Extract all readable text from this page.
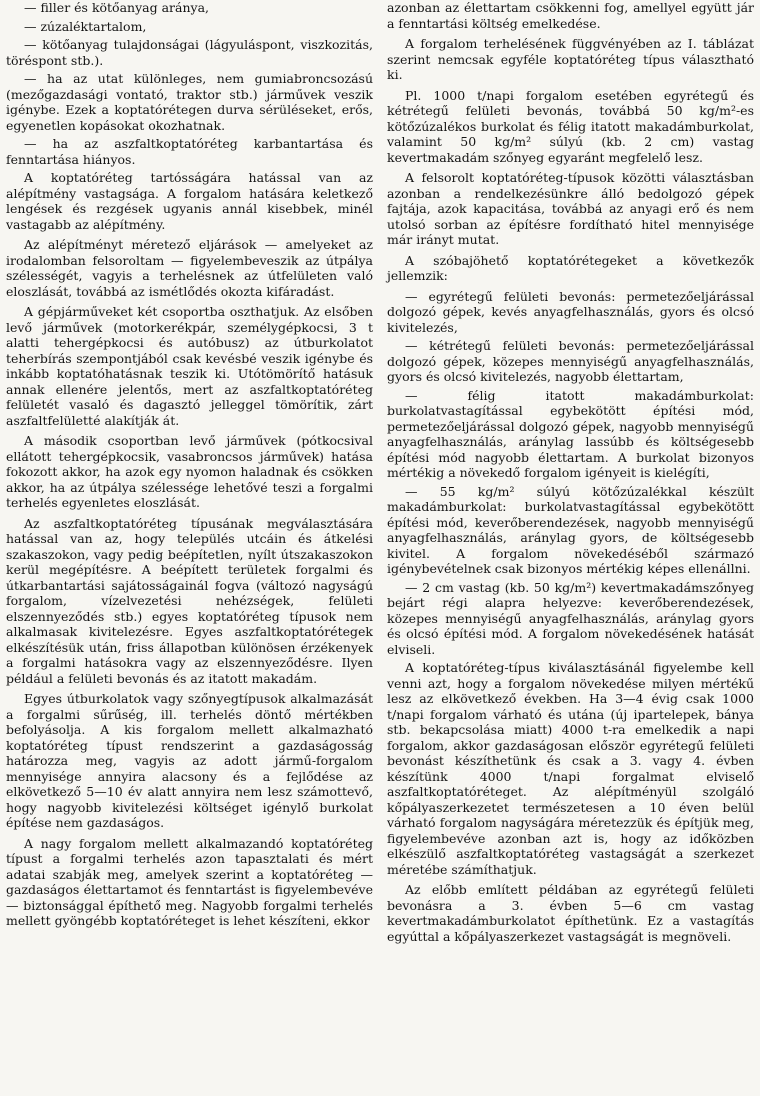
— filler és kötőanyag aránya,

— zúzaléktartalom,

— kötőanyag tulajdonságai (lágyuláspont, viszkozitás, töréspont stb.).

— ha az utat különleges, nem gumiabroncsozású (mezőgazdasági vontató, traktor stb.) járművek veszik igénybe. Ezek a koptatórétegen durva sérüléseket, erős, egyenetlen kopásokat okozhatnak.

— ha az aszfaltkoptatóréteg karbantartása és fenntartása hiányos.

A koptatóréteg tartósságára hatással van az alépítmény vastagsága. A forgalom hatására keletkező lengések és rezgések ugyanis annál kisebbek, minél vastagabb az alépítmény.

Az alépítményt méretező eljárások — amelyeket az irodalomban felsoroltam — figyelembeveszik az útpálya szélességét, vagyis a terhelésnek az útfelületen való eloszlását, továbbá az ismétlődés okozta kifáradást.

A gépjárműveket két csoportba oszthatjuk. Az elsőben levő járművek (motorkerékpár, személygépkocsi, 3 t alatti tehergépkocsi és autóbusz) az útburkolatot teherbírás szempontjából csak kevésbé veszik igénybe és inkább koptatóhatásnak teszik ki. Utótömörítő hatásuk annak ellenére jelentős, mert az aszfaltkoptatóréteg felületét vasaló és dagasztó jelleggel tömörítik, zárt aszfaltfelületté alakítják át.

A második csoportban levő járművek (pótkocsival ellátott tehergépkocsik, vasabroncsos járművek) hatása fokozott akkor, ha azok egy nyomon haladnak és csökken akkor, ha az útpálya szélessége lehetővé teszi a forgalmi terhelés egyenletes eloszlását.

Az aszfaltkoptatóréteg típusának megválasztására hatással van az, hogy település utcáin és átkelési szakaszokon, vagy pedig beépítetlen, nyílt útszakaszokon kerül megépítésre. A beépített területek forgalmi és útkarbantartási sajátosságainál fogva (változó nagyságú forgalom, vízelvezetési nehézségek, felületi elszennyeződés stb.) egyes koptatóréteg típusok nem alkalmasak kivitelezésre. Egyes aszfaltkoptatórétegek elkészítésük után, friss állapotban különösen érzékenyek a forgalmi hatásokra vagy az elszennyeződésre. Ilyen például a felületi bevonás és az itatott makadám.

Egyes útburkolatok vagy szőnyegtípusok alkalmazását a forgalmi sűrűség, ill. terhelés döntő mértékben befolyásolja. A kis forgalom mellett alkalmazható koptatóréteg típust rendszerint a gazdaságosság határozza meg, vagyis az adott jármű-forgalom mennyisége annyira alacsony és a fejlődése az elkövetkező 5—10 év alatt annyira nem lesz számottevő, hogy nagyobb kivitelezési költséget igénylő burkolat építése nem gazdaságos.

A nagy forgalom mellett alkalmazandó koptatóréteg típust a forgalmi terhelés azon tapasztalati és mért adatai szabják meg, amelyek szerint a koptatóréteg — gazdaságos élettartamot és fenntartást is figyelembevéve — biztonsággal építhető meg. Nagyobb forgalmi terhelés mellett gyöngébb koptatóréteget is lehet készíteni, ekkor

azonban az élettartam csökkenni fog, amellyel együtt jár a fenntartási költség emelkedése.

A forgalom terhelésének függvényében az I. táblázat szerint nemcsak egyféle koptatóréteg típus választható ki.

Pl. 1000 t/napi forgalom esetében egyrétegű és kétrétegű felületi bevonás, továbbá 50 kg/m²-es kötőzúzalékos burkolat és félig itatott makadámburkolat, valamint 50 kg/m² súlyú (kb. 2 cm) vastag kevertmakadám szőnyeg egyaránt megfelelő lesz.

A felsorolt koptatóréteg-típusok közötti választásban azonban a rendelkezésünkre álló bedolgozó gépek fajtája, azok kapacitása, továbbá az anyagi erő és nem utolsó sorban az építésre fordítható hitel mennyisége már irányt mutat.

A szóbajöhető koptatórétegeket a következők jellemzik:

— egyrétegű felületi bevonás: permetezőeljárással dolgozó gépek, kevés anyagfelhasználás, gyors és olcsó kivitelezés,

— kétrétegű felületi bevonás: permetezőeljárással dolgozó gépek, közepes mennyiségű anyagfelhasználás, gyors és olcsó kivitelezés, nagyobb élettartam,

— félig itatott makadámburkolat: burkolatvastagítással egybekötött építési mód, permetezőeljárással dolgozó gépek, nagyobb mennyiségű anyagfelhasználás, aránylag lassúbb és költségesebb építési mód nagyobb élettartam. A burkolat bizonyos mértékig a növekedő forgalom igényeit is kielégíti,

— 55 kg/m² súlyú kötőzúzalékkal készült makadámburkolat: burkolatvastagítással egybekötött építési mód, keverőberendezések, nagyobb mennyiségű anyagfelhasználás, aránylag gyors, de költségesebb kivitel. A forgalom növekedéséből származó igénybevételnek csak bizonyos mértékig képes ellenállni.

— 2 cm vastag (kb. 50 kg/m²) kevertmakadámszőnyeg bejárt régi alapra helyezve: keverőberendezések, közepes mennyiségű anyagfelhasználás, aránylag gyors és olcsó építési mód. A forgalom növekedésének hatását elviseli.

A koptatóréteg-típus kiválasztásánál figyelembe kell venni azt, hogy a forgalom növekedése milyen mértékű lesz az elkövetkező években. Ha 3—4 évig csak 1000 t/napi forgalom várható és utána (új ipartelepek, bánya stb. bekapcsolása miatt) 4000 t-ra emelkedik a napi forgalom, akkor gazdaságosan először egyrétegű felületi bevonást készíthetünk és csak a 3. vagy 4. évben készítünk 4000 t/napi forgalmat elviselő aszfaltkoptatóréteget. Az alépítményül szolgáló kőpályaszerkezetet természetesen a 10 éven belül várható forgalom nagyságára méretezzük és építjük meg, figyelembevéve azonban azt is, hogy az időközben elkészülő aszfaltkoptatóréteg vastagságát a szerkezet méretébe számíthatjuk.

Az előbb említett példában az egyrétegű felületi bevonásra a 3. évben 5—6 cm vastag kevertmakadámburkolatot építhetünk. Ez a vastagítás egyúttal a kőpályaszerkezet vastagságát is megnöveli.
